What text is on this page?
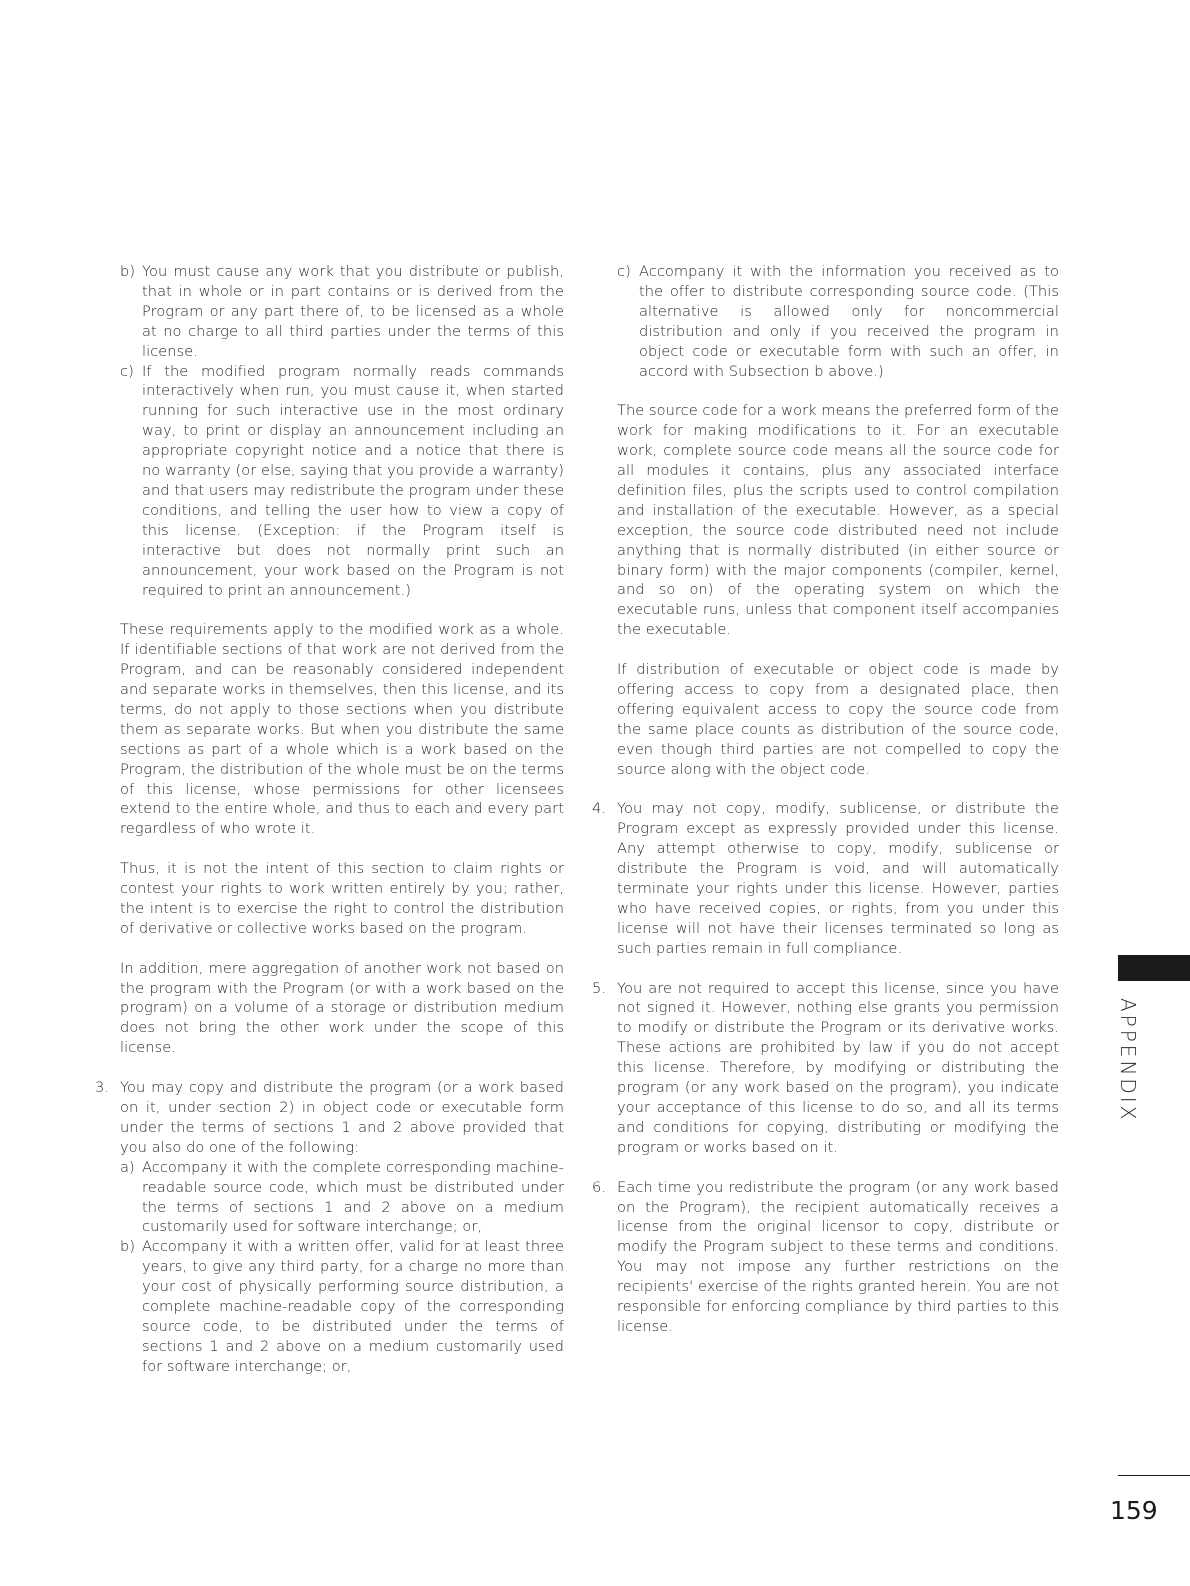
b) You must cause any work that you distribute or publish, that in whole or in part contains or is derived from the Program or any part there of, to be licensed as a whole at no charge to all third parties under the terms of this license.
c) If the modified program normally reads commands interactively when run, you must cause it, when started running for such interactive use in the most ordinary way, to print or display an announcement including an appropriate copyright notice and a notice that there is no warranty (or else, saying that you provide a warranty) and that users may redistribute the program under these conditions, and telling the user how to view a copy of this license. (Exception: if the Program itself is interactive but does not normally print such an announcement, your work based on the Program is not required to print an announcement.)

These requirements apply to the modified work as a whole. If identifiable sections of that work are not derived from the Program, and can be reasonably considered independent and separate works in themselves, then this license, and its terms, do not apply to those sections when you distribute them as separate works. But when you distribute the same sections as part of a whole which is a work based on the Program, the distribution of the whole must be on the terms of this license, whose permissions for other licensees extend to the entire whole, and thus to each and every part regardless of who wrote it.

Thus, it is not the intent of this section to claim rights or contest your rights to work written entirely by you; rather, the intent is to exercise the right to control the distribution of derivative or collective works based on the program.

In addition, mere aggregation of another work not based on the program with the Program (or with a work based on the program) on a volume of a storage or distribution medium does not bring the other work under the scope of this license.

3. You may copy and distribute the program (or a work based on it, under section 2) in object code or executable form under the terms of sections 1 and 2 above provided that you also do one of the following:
a) Accompany it with the complete corresponding machine-readable source code, which must be distributed under the terms of sections 1 and 2 above on a medium customarily used for software interchange; or,
b) Accompany it with a written offer, valid for at least three years, to give any third party, for a charge no more than your cost of physically performing source distribution, a complete machine-readable copy of the corresponding source code, to be distributed under the terms of sections 1 and 2 above on a medium customarily used for software interchange; or,
c) Accompany it with the information you received as to the offer to distribute corresponding source code. (This alternative is allowed only for noncommercial distribution and only if you received the program in object code or executable form with such an offer, in accord with Subsection b above.)

The source code for a work means the preferred form of the work for making modifications to it. For an executable work, complete source code means all the source code for all modules it contains, plus any associated interface definition files, plus the scripts used to control compilation and installation of the executable. However, as a special exception, the source code distributed need not include anything that is normally distributed (in either source or binary form) with the major components (compiler, kernel, and so on) of the operating system on which the executable runs, unless that component itself accompanies the executable.

If distribution of executable or object code is made by offering access to copy from a designated place, then offering equivalent access to copy the source code from the same place counts as distribution of the source code, even though third parties are not compelled to copy the source along with the object code.

4. You may not copy, modify, sublicense, or distribute the Program except as expressly provided under this license. Any attempt otherwise to copy, modify, sublicense or distribute the Program is void, and will automatically terminate your rights under this license. However, parties who have received copies, or rights, from you under this license will not have their licenses terminated so long as such parties remain in full compliance.
5. You are not required to accept this license, since you have not signed it. However, nothing else grants you permission to modify or distribute the Program or its derivative works. These actions are prohibited by law if you do not accept this license. Therefore, by modifying or distributing the program (or any work based on the program), you indicate your acceptance of this license to do so, and all its terms and conditions for copying, distributing or modifying the program or works based on it.
6. Each time you redistribute the program (or any work based on the Program), the recipient automatically receives a license from the original licensor to copy, distribute or modify the Program subject to these terms and conditions. You may not impose any further restrictions on the recipients' exercise of the rights granted herein. You are not responsible for enforcing compliance by third parties to this license.
APPENDIX
159
